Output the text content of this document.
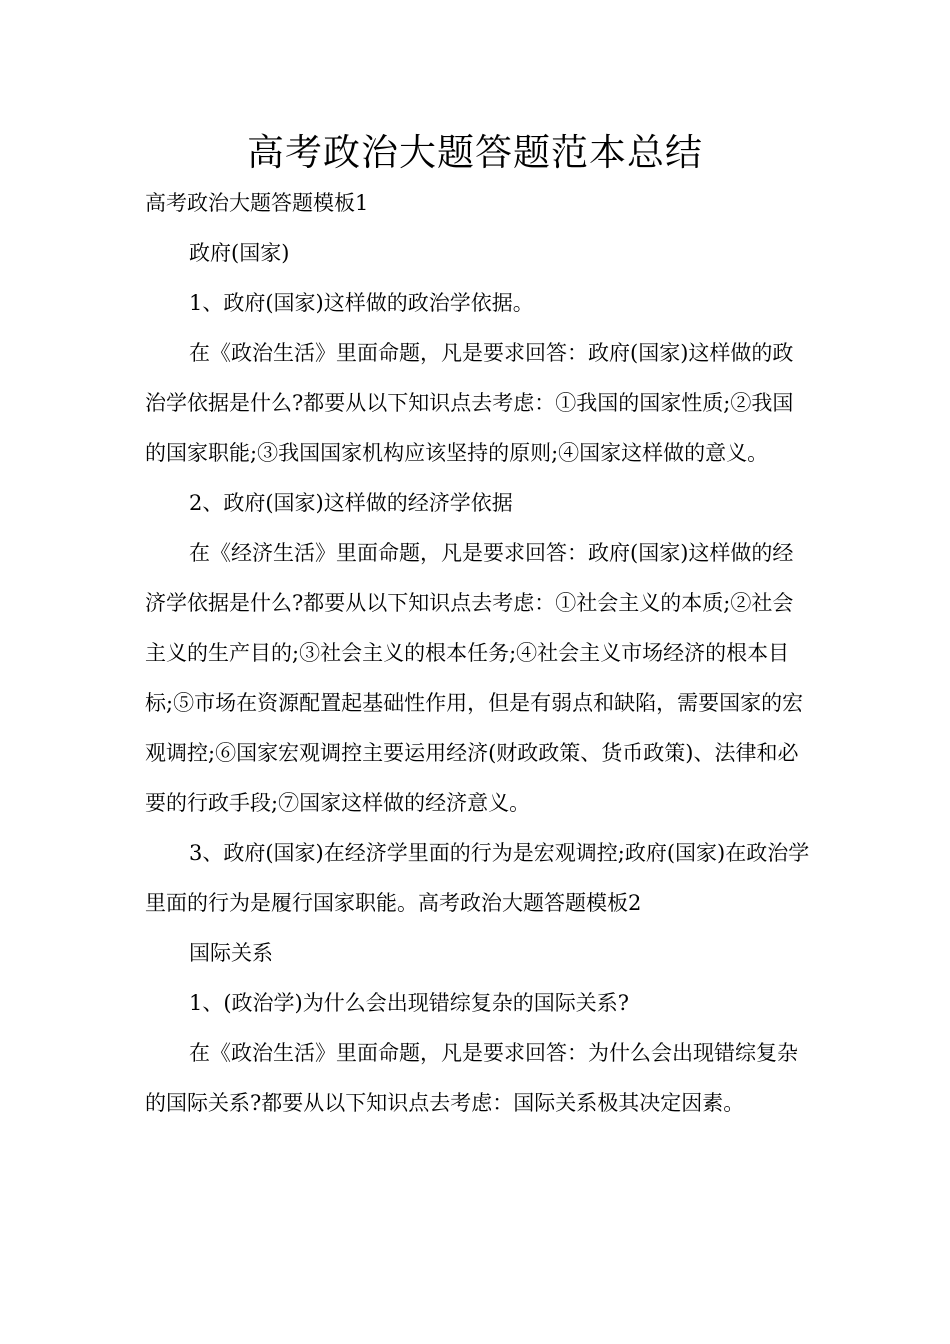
高考政治大题答题范本总结

高考政治大题答题模板1

政府(国家)

1、政府(国家)这样做的政治学依据。

在《政治生活》里面命题，凡是要求回答：政府(国家)这样做的政治学依据是什么?都要从以下知识点去考虑：①我国的国家性质;②我国的国家职能;③我国国家机构应该坚持的原则;④国家这样做的意义。

2、政府(国家)这样做的经济学依据

在《经济生活》里面命题，凡是要求回答：政府(国家)这样做的经济学依据是什么?都要从以下知识点去考虑：①社会主义的本质;②社会主义的生产目的;③社会主义的根本任务;④社会主义市场经济的根本目标;⑤市场在资源配置起基础性作用，但是有弱点和缺陷，需要国家的宏观调控;⑥国家宏观调控主要运用经济(财政政策、货币政策)、法律和必要的行政手段;⑦国家这样做的经济意义。

3、政府(国家)在经济学里面的行为是宏观调控;政府(国家)在政治学里面的行为是履行国家职能。高考政治大题答题模板2

国际关系

1、(政治学)为什么会出现错综复杂的国际关系?

在《政治生活》里面命题，凡是要求回答：为什么会出现错综复杂的国际关系?都要从以下知识点去考虑：国际关系极其决定因素。
